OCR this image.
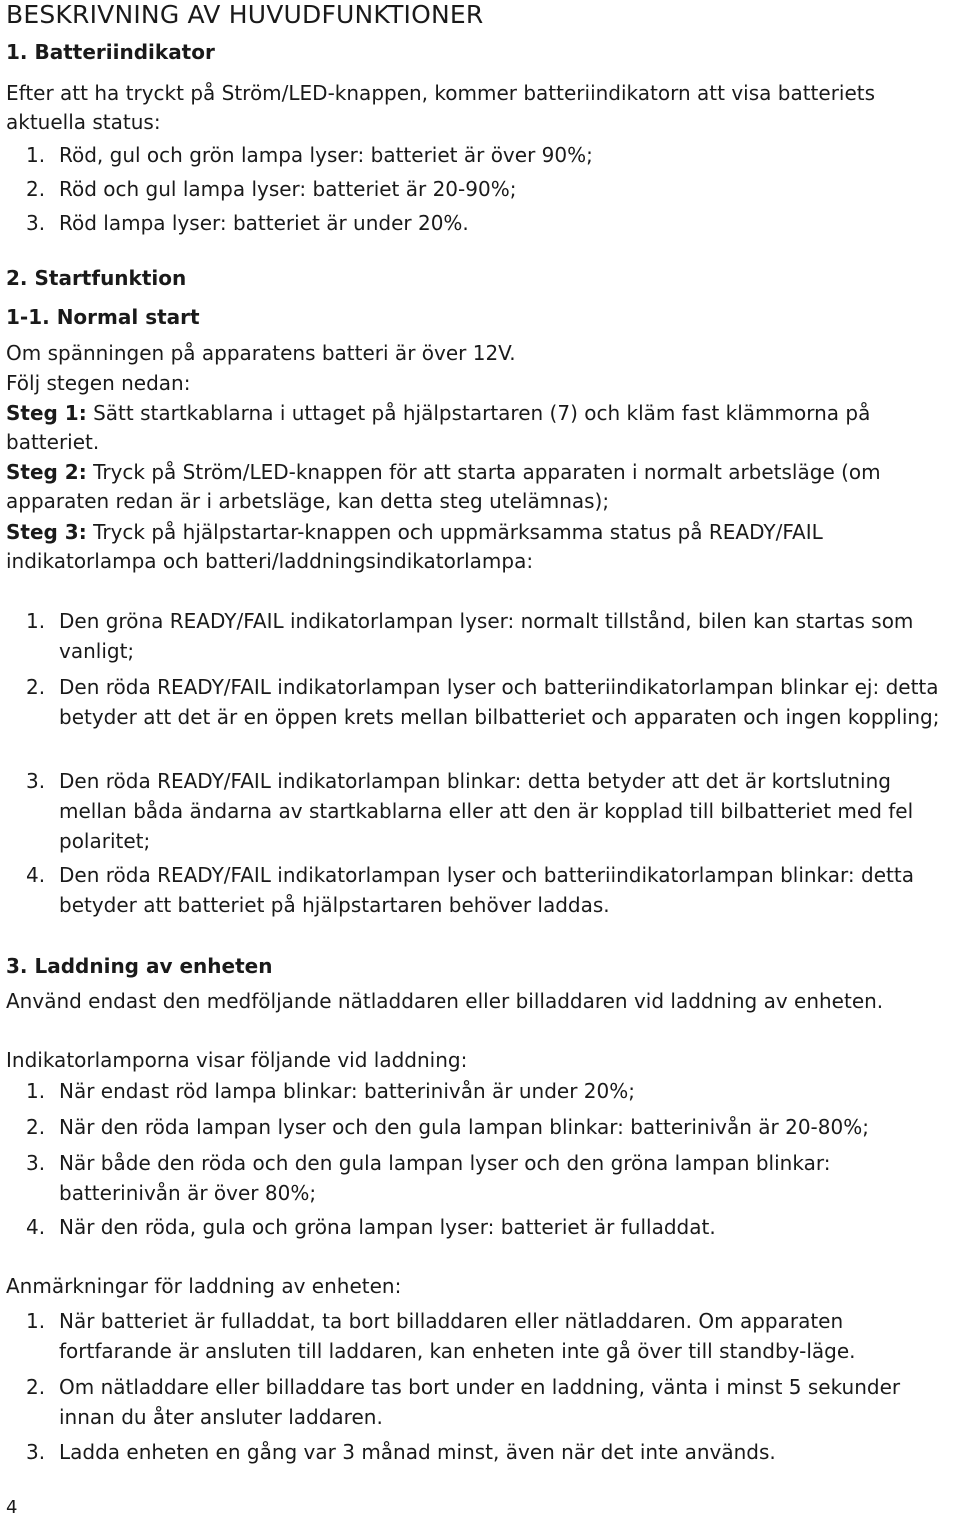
BESKRIVNING AV HUVUDFUNKTIONER
1. Batteriindikator

Efter att ha tryckt på Ström/LED-knappen, kommer batteriindikatorn att visa batteriets aktuella status:

1. Röd, gul och grön lampa lyser: batteriet är över 90%;
2. Röd och gul lampa lyser: batteriet är 20-90%;
3. Röd lampa lyser: batteriet är under 20%.
2. Startfunktion
1-1. Normal start

Om spänningen på apparatens batteri är över 12V.

Följ stegen nedan:

Steg 1: Sätt startkablarna i uttaget på hjälpstartaren (7) och kläm fast klämmorna på batteriet.

Steg 2: Tryck på Ström/LED-knappen för att starta apparaten i normalt arbetsläge (om apparaten redan är i arbetsläge, kan detta steg utelämnas);

Steg 3: Tryck på hjälpstartar-knappen och uppmärksamma status på READY/FAIL indikatorlampa och batteri/laddningsindikatorlampa:

1. Den gröna READY/FAIL indikatorlampan lyser: normalt tillstånd, bilen kan startas som vanligt;
2. Den röda READY/FAIL indikatorlampan lyser och batteriindikatorlampan blinkar ej: detta betyder att det är en öppen krets mellan bilbatteriet och apparaten och ingen koppling;
3. Den röda READY/FAIL indikatorlampan blinkar: detta betyder att det är kortslutning mellan båda ändarna av startkablarna eller att den är kopplad till bilbatteriet med fel polaritet;
4. Den röda READY/FAIL indikatorlampan lyser och batteriindikatorlampan blinkar: detta betyder att batteriet på hjälpstartaren behöver laddas.
3. Laddning av enheten

Använd endast den medföljande nätladdaren eller billaddaren vid laddning av enheten.

Indikatorlamporna visar följande vid laddning:

1. När endast röd lampa blinkar: batterinivån är under 20%;
2. När den röda lampan lyser och den gula lampan blinkar: batterinivån är 20-80%;
3. När både den röda och den gula lampan lyser och den gröna lampan blinkar: batterinivån är över 80%;
4. När den röda, gula och gröna lampan lyser: batteriet är fulladdat.

Anmärkningar för laddning av enheten:

1. När batteriet är fulladdat, ta bort billaddaren eller nätladdaren. Om apparaten fortfarande är ansluten till laddaren, kan enheten inte gå över till standby-läge.
2. Om nätladdare eller billaddare tas bort under en laddning, vänta i minst 5 sekunder innan du åter ansluter laddaren.
3. Ladda enheten en gång var 3 månad minst, även när det inte används.
4
